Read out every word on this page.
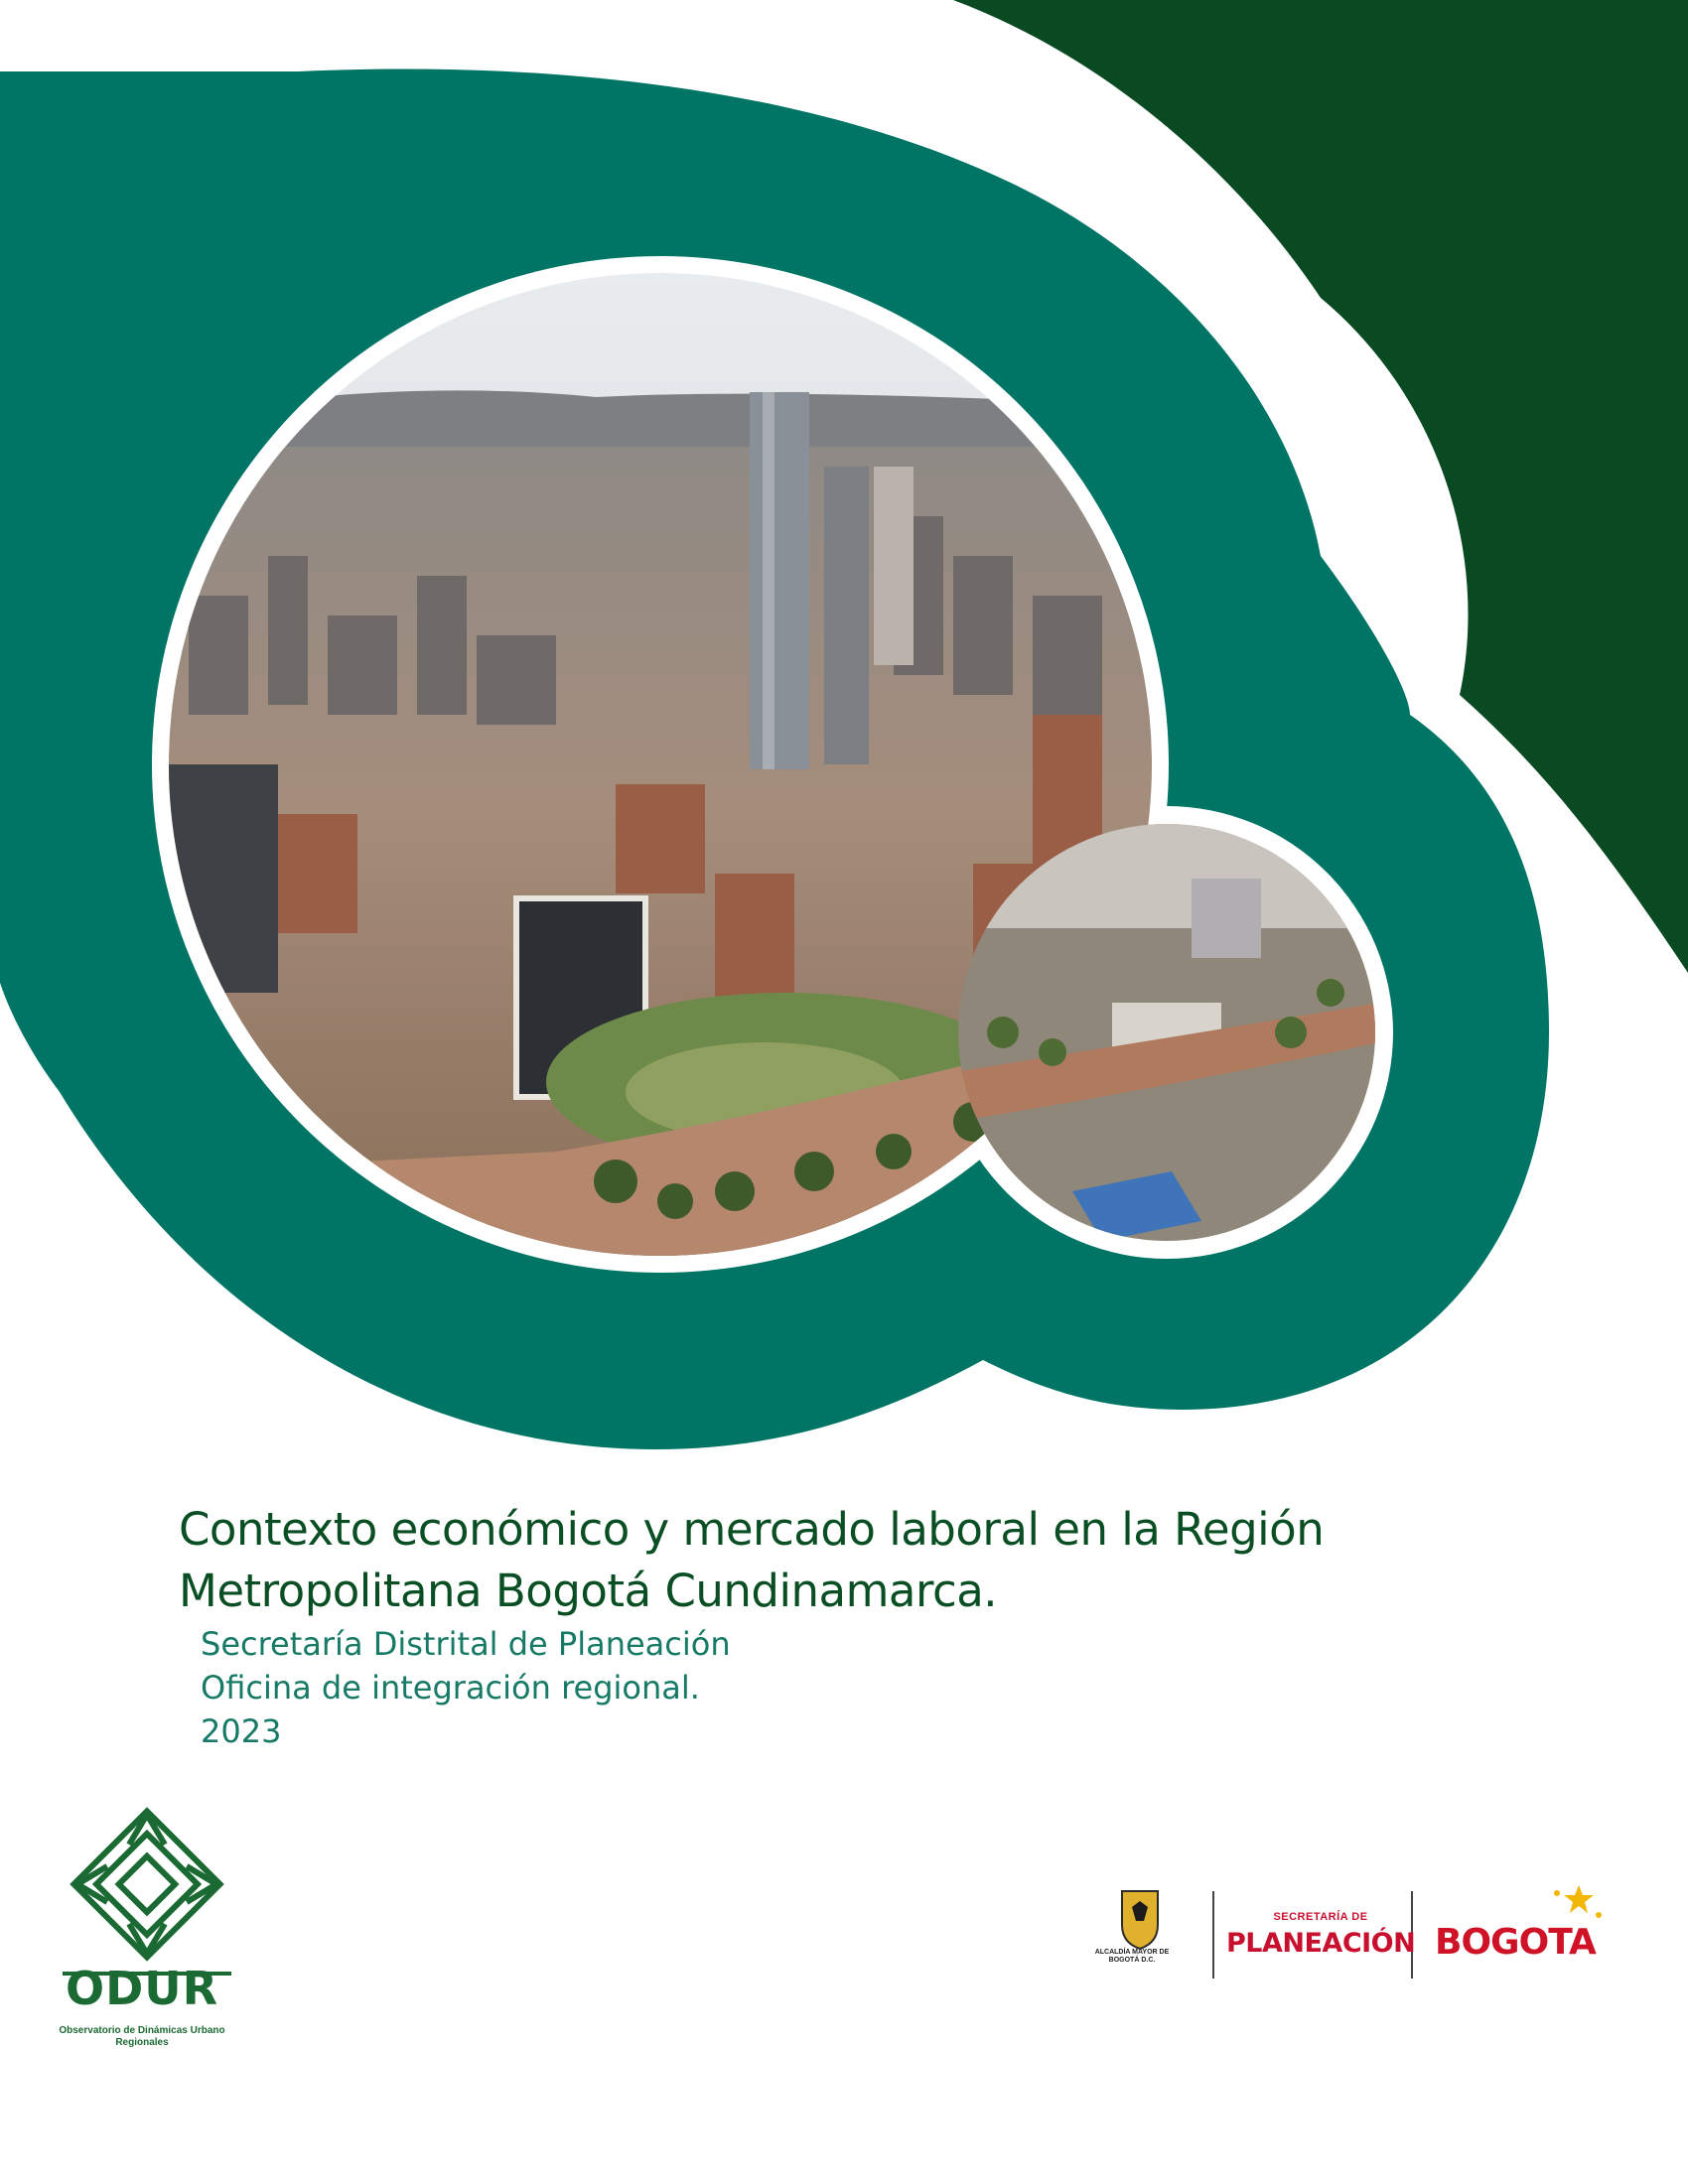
Contexto económico y mercado laboral en la Región
Metropolitana Bogotá Cundinamarca.

Secretaría Distrital de Planeación

Oficina de integración regional.

2023

ODUR
Observatorio de Dinámicas Urbano Regionales
ALCALDÍA MAYOR DE BOGOTÁ D.C.
SECRETARÍA DE
PLANEACIÓN BOGOTA
